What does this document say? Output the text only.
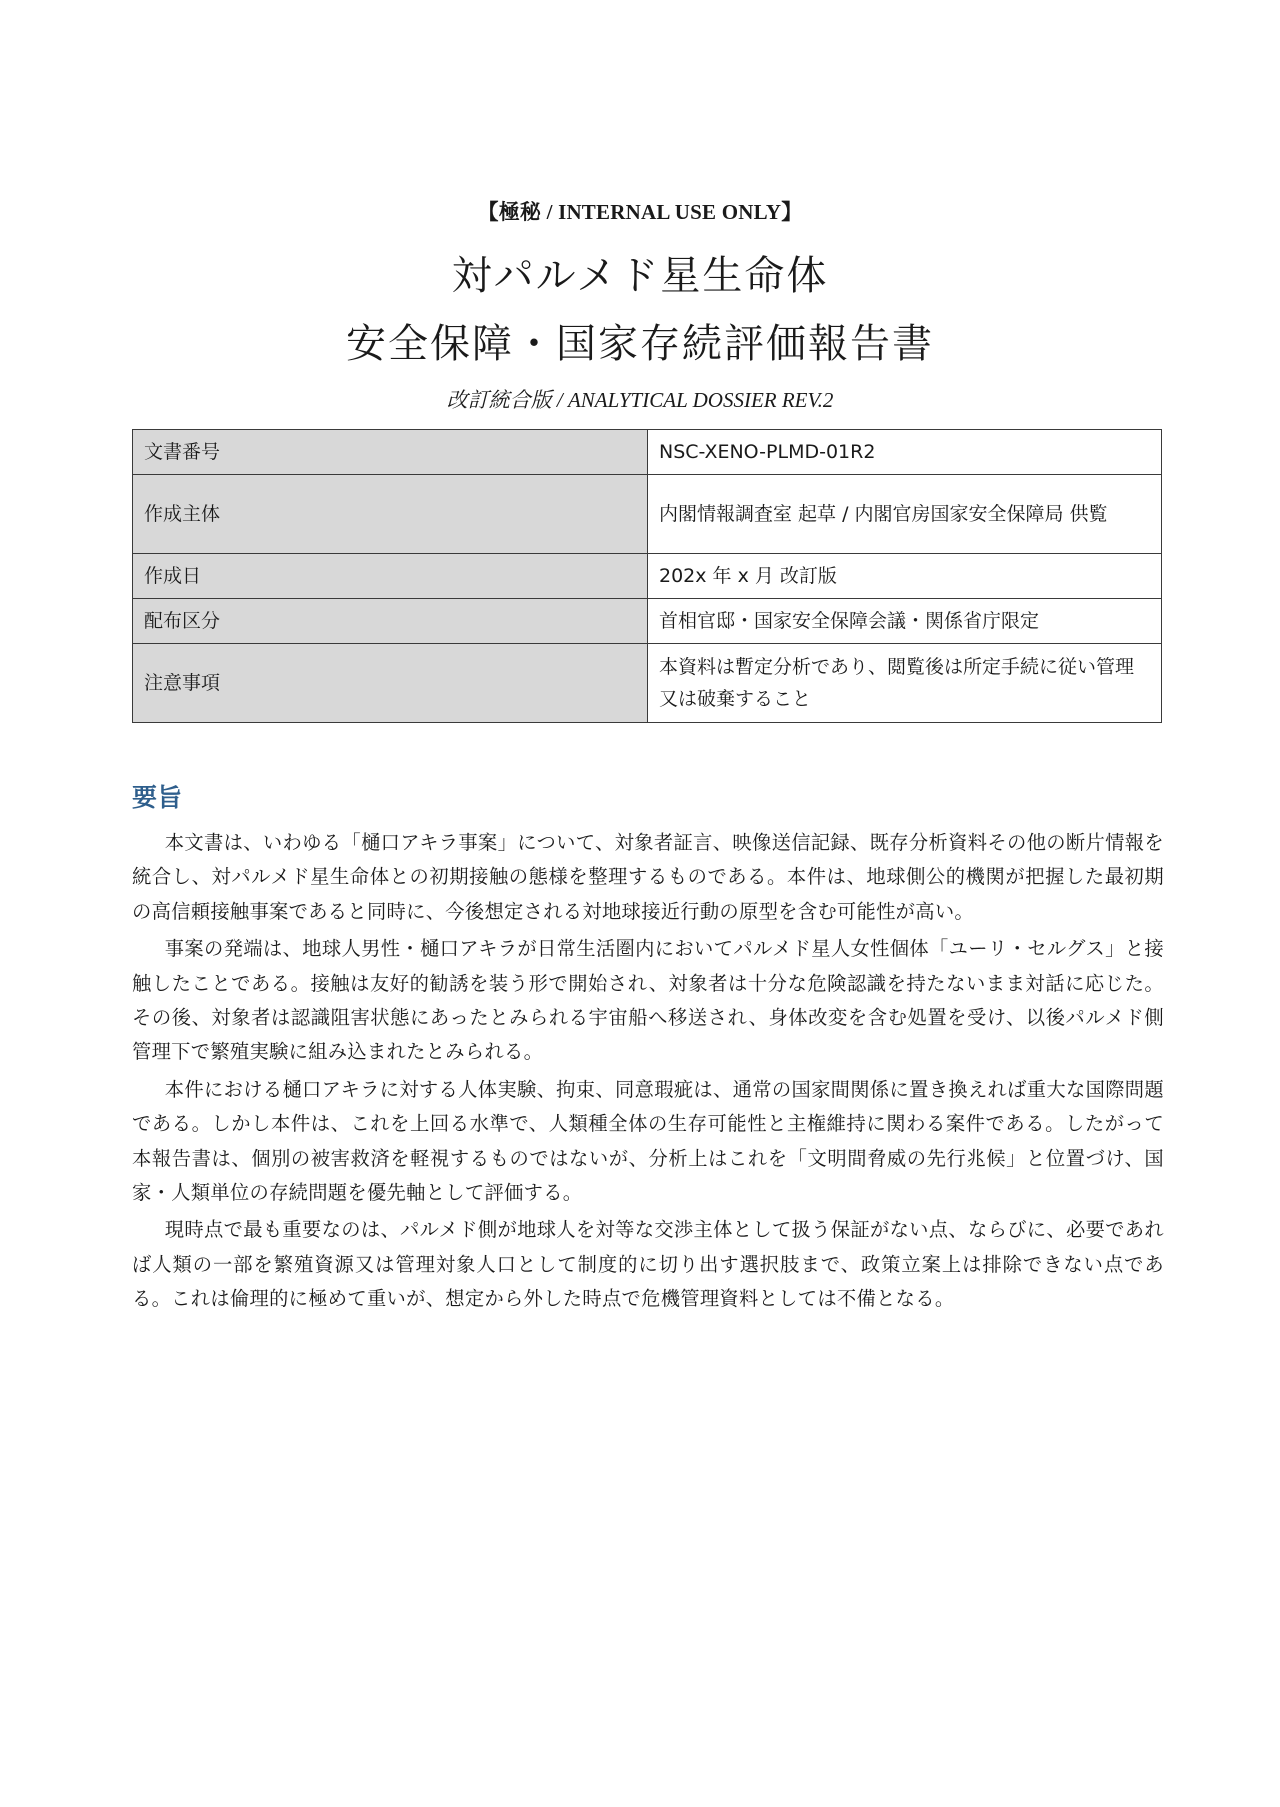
【極秘 / INTERNAL USE ONLY】
対パルメド星生命体
安全保障・国家存続評価報告書
改訂統合版 / ANALYTICAL DOSSIER REV.2
文書番号	NSC-XENO-PLMD-01R2
作成主体	内閣情報調査室 起草 / 内閣官房国家安全保障局 供覧
作成日	202x 年 x 月 改訂版
配布区分	首相官邸・国家安全保障会議・関係省庁限定
注意事項	本資料は暫定分析であり、閲覧後は所定手続に従い管理又は破棄すること
要旨

本文書は、いわゆる「樋口アキラ事案」について、対象者証言、映像送信記録、既存分析資料その他の断片情報を統合し、対パルメド星生命体との初期接触の態様を整理するものである。本件は、地球側公的機関が把握した最初期の高信頼接触事案であると同時に、今後想定される対地球接近行動の原型を含む可能性が高い。

事案の発端は、地球人男性・樋口アキラが日常生活圏内においてパルメド星人女性個体「ユーリ・セルグス」と接触したことである。接触は友好的勧誘を装う形で開始され、対象者は十分な危険認識を持たないまま対話に応じた。その後、対象者は認識阻害状態にあったとみられる宇宙船へ移送され、身体改変を含む処置を受け、以後パルメド側管理下で繁殖実験に組み込まれたとみられる。

本件における樋口アキラに対する人体実験、拘束、同意瑕疵は、通常の国家間関係に置き換えれば重大な国際問題である。しかし本件は、これを上回る水準で、人類種全体の生存可能性と主権維持に関わる案件である。したがって本報告書は、個別の被害救済を軽視するものではないが、分析上はこれを「文明間脅威の先行兆候」と位置づけ、国家・人類単位の存続問題を優先軸として評価する。

現時点で最も重要なのは、パルメド側が地球人を対等な交渉主体として扱う保証がない点、ならびに、必要であれば人類の一部を繁殖資源又は管理対象人口として制度的に切り出す選択肢まで、政策立案上は排除できない点である。これは倫理的に極めて重いが、想定から外した時点で危機管理資料としては不備となる。
